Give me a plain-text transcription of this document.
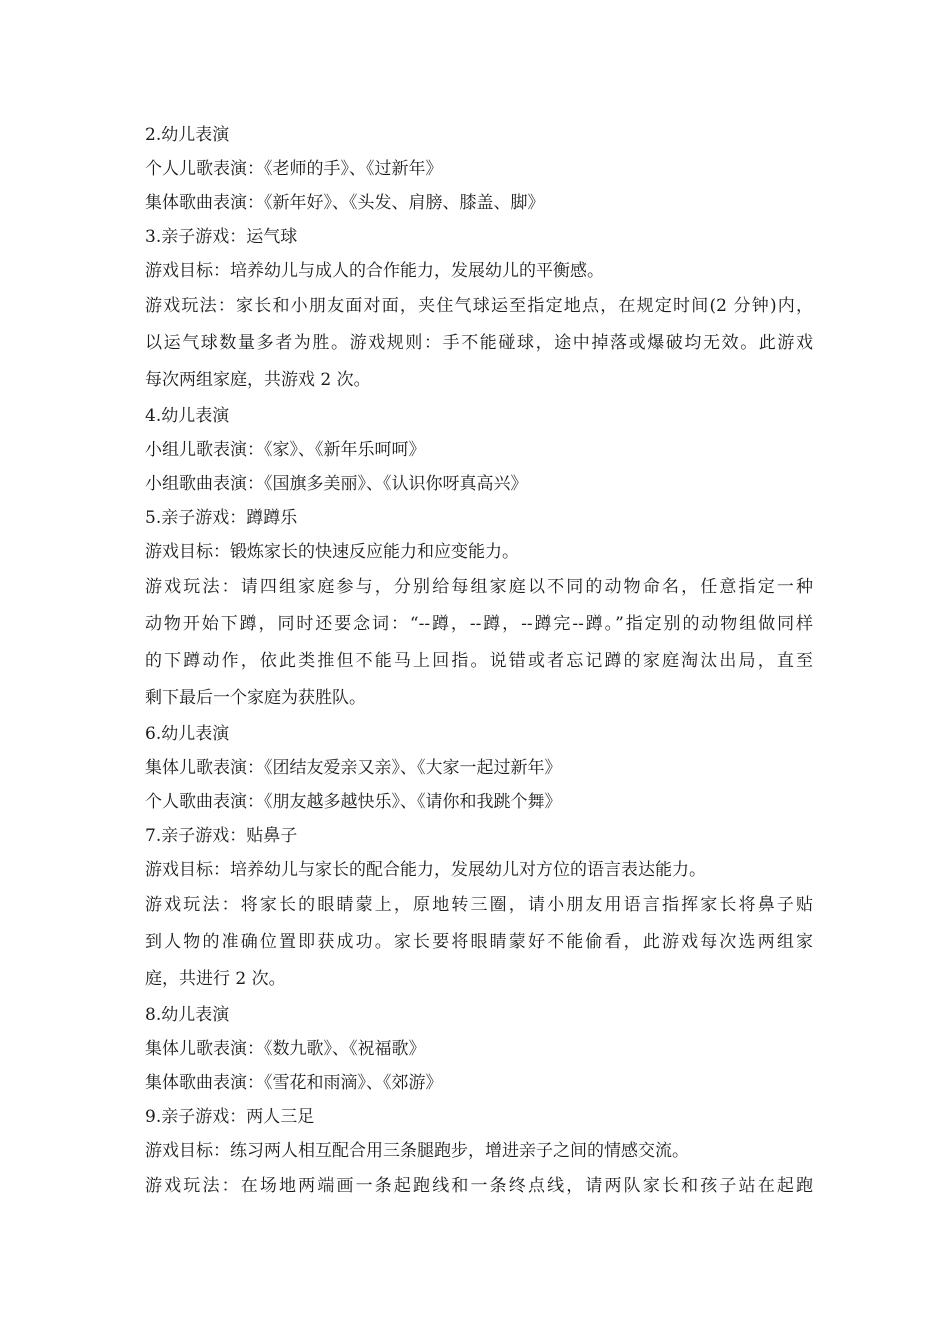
2.幼儿表演
个人儿歌表演：《老师的手》、《过新年》
集体歌曲表演：《新年好》、《头发、肩膀、膝盖、脚》
3.亲子游戏：运气球
游戏目标：培养幼儿与成人的合作能力，发展幼儿的平衡感。
游戏玩法：家长和小朋友面对面，夹住气球运至指定地点，在规定时间(2 分钟)内，
以运气球数量多者为胜。游戏规则：手不能碰球，途中掉落或爆破均无效。此游戏
每次两组家庭，共游戏 2 次。
4.幼儿表演
小组儿歌表演：《家》、《新年乐呵呵》
小组歌曲表演：《国旗多美丽》、《认识你呀真高兴》
5.亲子游戏：蹲蹲乐
游戏目标：锻炼家长的快速反应能力和应变能力。
游戏玩法：请四组家庭参与，分别给每组家庭以不同的动物命名，任意指定一种
动物开始下蹲，同时还要念词：“--蹲，--蹲，--蹲完--蹲。”指定别的动物组做同样
的下蹲动作，依此类推但不能马上回指。说错或者忘记蹲的家庭淘汰出局，直至
剩下最后一个家庭为获胜队。
6.幼儿表演
集体儿歌表演：《团结友爱亲又亲》、《大家一起过新年》
个人歌曲表演：《朋友越多越快乐》、《请你和我跳个舞》
7.亲子游戏：贴鼻子
游戏目标：培养幼儿与家长的配合能力，发展幼儿对方位的语言表达能力。
游戏玩法：将家长的眼睛蒙上，原地转三圈，请小朋友用语言指挥家长将鼻子贴
到人物的准确位置即获成功。家长要将眼睛蒙好不能偷看，此游戏每次选两组家
庭，共进行 2 次。
8.幼儿表演
集体儿歌表演：《数九歌》、《祝福歌》
集体歌曲表演：《雪花和雨滴》、《郊游》
9.亲子游戏：两人三足
游戏目标：练习两人相互配合用三条腿跑步，增进亲子之间的情感交流。
游戏玩法：在场地两端画一条起跑线和一条终点线，请两队家长和孩子站在起跑
